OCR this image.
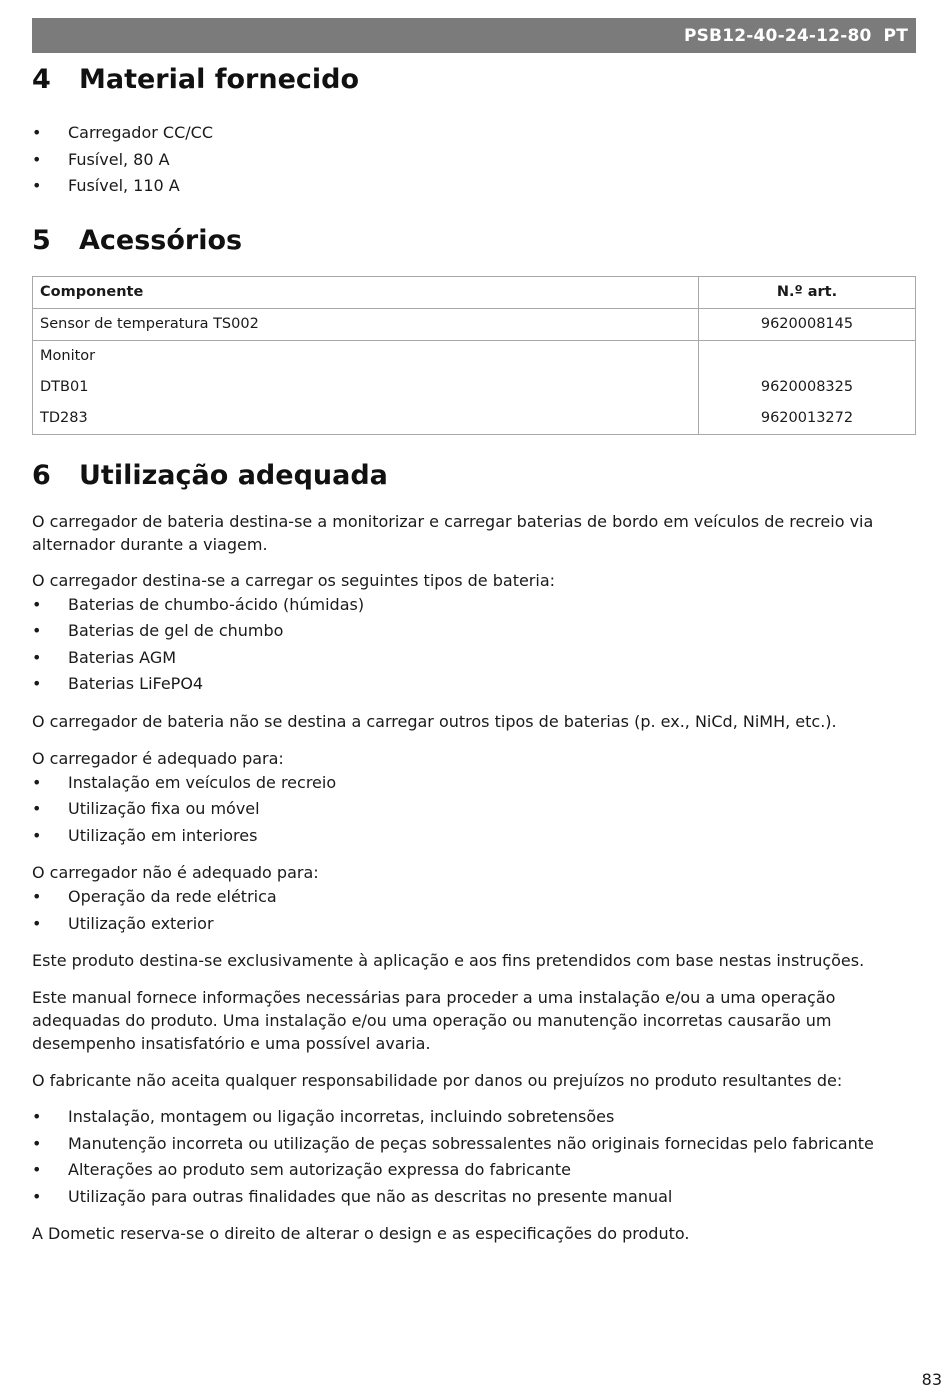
PSB12-40-24-12-80 PT
4	Material fornecido
• Carregador CC/CC
• Fusível, 80 A
• Fusível, 110 A
5	Acessórios
Componente	N.º art.
Sensor de temperatura TS002	9620008145
Monitor	
DTB01	9620008325
TD283	9620013272
6	Utilização adequada

O carregador de bateria destina-se a monitorizar e carregar baterias de bordo em veículos de recreio via alternador durante a viagem.

O carregador destina-se a carregar os seguintes tipos de bateria:

• Baterias de chumbo-ácido (húmidas)
• Baterias de gel de chumbo
• Baterias AGM
• Baterias LiFePO4

O carregador de bateria não se destina a carregar outros tipos de baterias (p. ex., NiCd, NiMH, etc.).

O carregador é adequado para:

• Instalação em veículos de recreio
• Utilização fixa ou móvel
• Utilização em interiores

O carregador não é adequado para:

• Operação da rede elétrica
• Utilização exterior

Este produto destina-se exclusivamente à aplicação e aos fins pretendidos com base nestas instruções.

Este manual fornece informações necessárias para proceder a uma instalação e/ou a uma operação adequadas do produto. Uma instalação e/ou uma operação ou manutenção incorretas causarão um desempenho insatisfatório e uma possível avaria.

O fabricante não aceita qualquer responsabilidade por danos ou prejuízos no produto resultantes de:

• Instalação, montagem ou ligação incorretas, incluindo sobretensões
• Manutenção incorreta ou utilização de peças sobressalentes não originais fornecidas pelo fabricante
• Alterações ao produto sem autorização expressa do fabricante
• Utilização para outras finalidades que não as descritas no presente manual

A Dometic reserva-se o direito de alterar o design e as especificações do produto.

83
